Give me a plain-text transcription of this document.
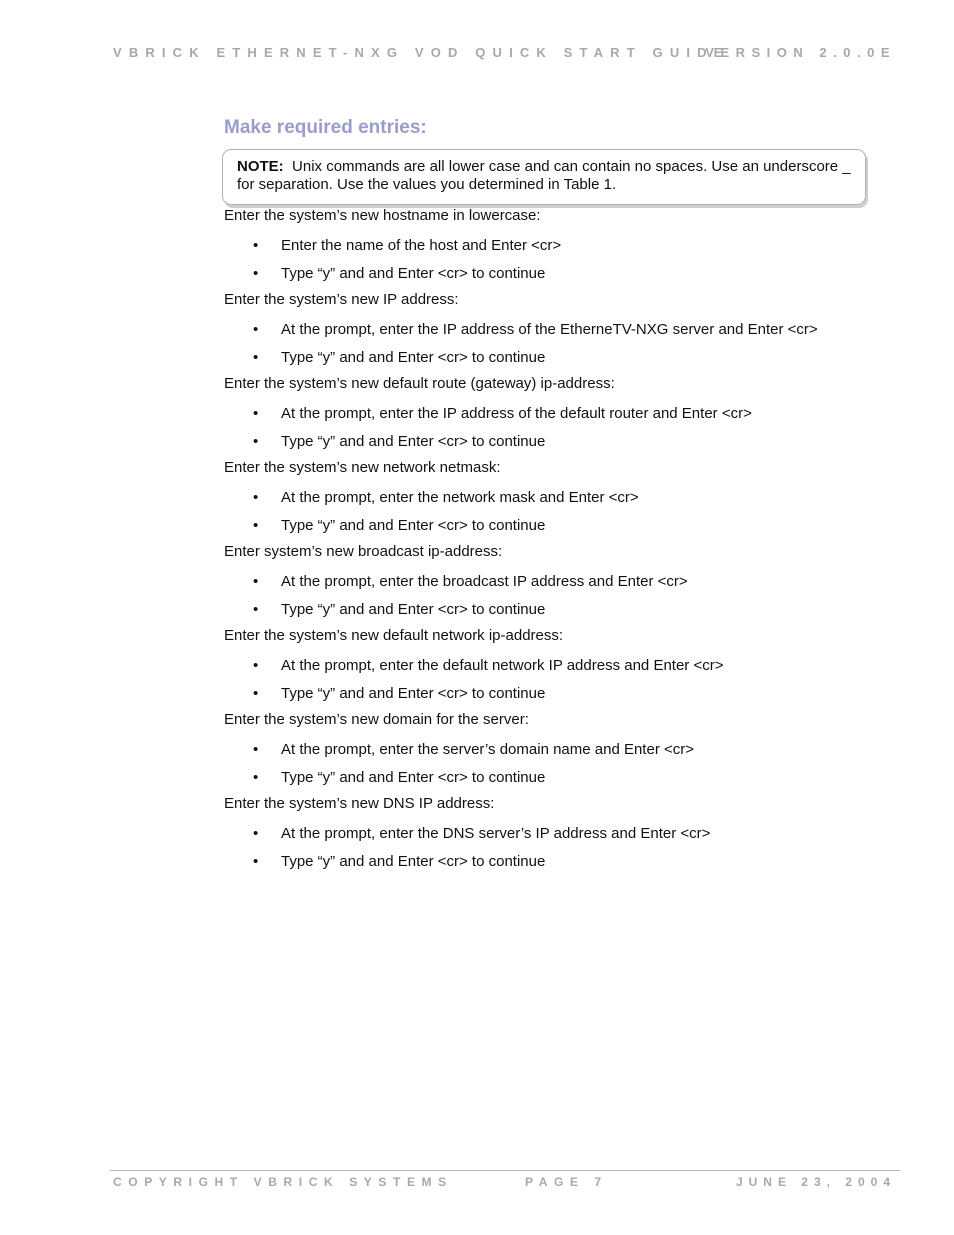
VBRICK ETHERNET-NXG VOD QUICK START GUIDE
VERSION 2.0.0E
Make required entries:
NOTE: Unix commands are all lower case and can contain no spaces. Use an underscore _ for separation. Use the values you determined in Table 1.
Enter the system’s new hostname in lowercase:
• Enter the name of the host and Enter <cr>
• Type “y” and and Enter <cr> to continue
Enter the system’s new IP address:
• At the prompt, enter the IP address of the EtherneTV-NXG server and Enter <cr>
• Type “y” and and Enter <cr> to continue
Enter the system’s new default route (gateway) ip-address:
• At the prompt, enter the IP address of the default router and Enter <cr>
• Type “y” and and Enter <cr> to continue
Enter the system’s new network netmask:
• At the prompt, enter the network mask and Enter <cr>
• Type “y” and and Enter <cr> to continue
Enter system’s new broadcast ip-address:
• At the prompt, enter the broadcast IP address and Enter <cr>
• Type “y” and and Enter <cr> to continue
Enter the system’s new default network ip-address:
• At the prompt, enter the default network IP address and Enter <cr>
• Type “y” and and Enter <cr> to continue
Enter the system’s new domain for the server:
• At the prompt, enter the server’s domain name and Enter <cr>
• Type “y” and and Enter <cr> to continue
Enter the system’s new DNS IP address:
• At the prompt, enter the DNS server’s IP address and Enter <cr>
• Type “y” and and Enter <cr> to continue
COPYRIGHT VBRICK SYSTEMS	PAGE 7	JUNE 23, 2004
